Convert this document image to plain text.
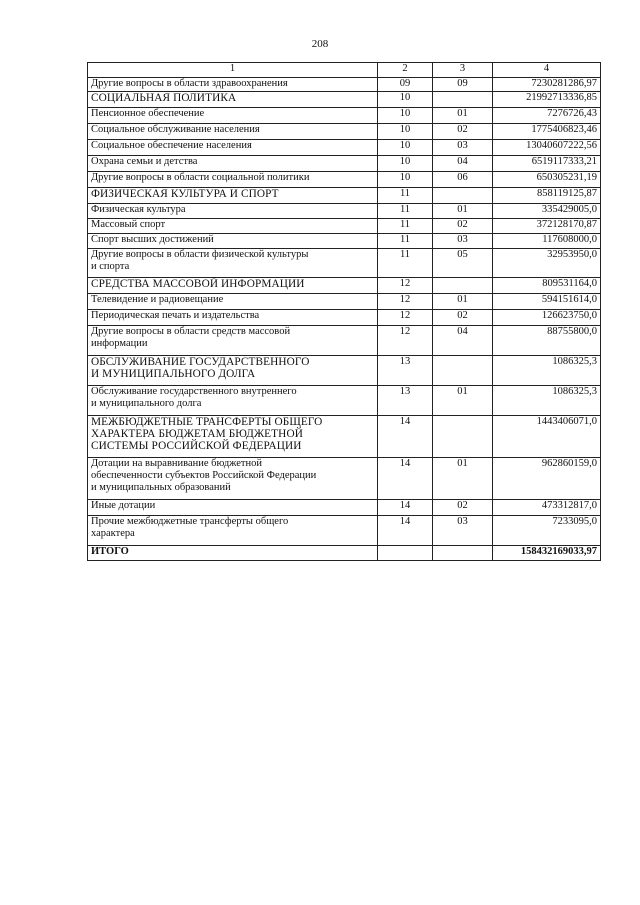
208
1	2	3	4
Другие вопросы в области здравоохранения	09	09	7230281286,97
СОЦИАЛЬНАЯ ПОЛИТИКА	10		21992713336,85
Пенсионное обеспечение	10	01	7276726,43
Социальное обслуживание населения	10	02	1775406823,46
Социальное обеспечение населения	10	03	13040607222,56
Охрана семьи и детства	10	04	6519117333,21
Другие вопросы в области социальной политики	10	06	650305231,19
ФИЗИЧЕСКАЯ КУЛЬТУРА И СПОРТ	11		858119125,87
Физическая культура	11	01	335429005,0
Массовый спорт	11	02	372128170,87
Спорт высших достижений	11	03	117608000,0
Другие вопросы в области физической культуры
и спорта	11	05	32953950,0
СРЕДСТВА МАССОВОЙ ИНФОРМАЦИИ	12		809531164,0
Телевидение и радиовещание	12	01	594151614,0
Периодическая печать и издательства	12	02	126623750,0
Другие вопросы в области средств массовой
информации	12	04	88755800,0
ОБСЛУЖИВАНИЕ ГОСУДАРСТВЕННОГО
И МУНИЦИПАЛЬНОГО ДОЛГА	13		1086325,3
Обслуживание государственного внутреннего
и муниципального долга	13	01	1086325,3
МЕЖБЮДЖЕТНЫЕ ТРАНСФЕРТЫ ОБЩЕГО
ХАРАКТЕРА БЮДЖЕТАМ БЮДЖЕТНОЙ
СИСТЕМЫ РОССИЙСКОЙ ФЕДЕРАЦИИ	14		1443406071,0
Дотации на выравнивание бюджетной
обеспеченности субъектов Российской Федерации
и муниципальных образований	14	01	962860159,0
Иные дотации	14	02	473312817,0
Прочие межбюджетные трансферты общего
характера	14	03	7233095,0
ИТОГО			158432169033,97
